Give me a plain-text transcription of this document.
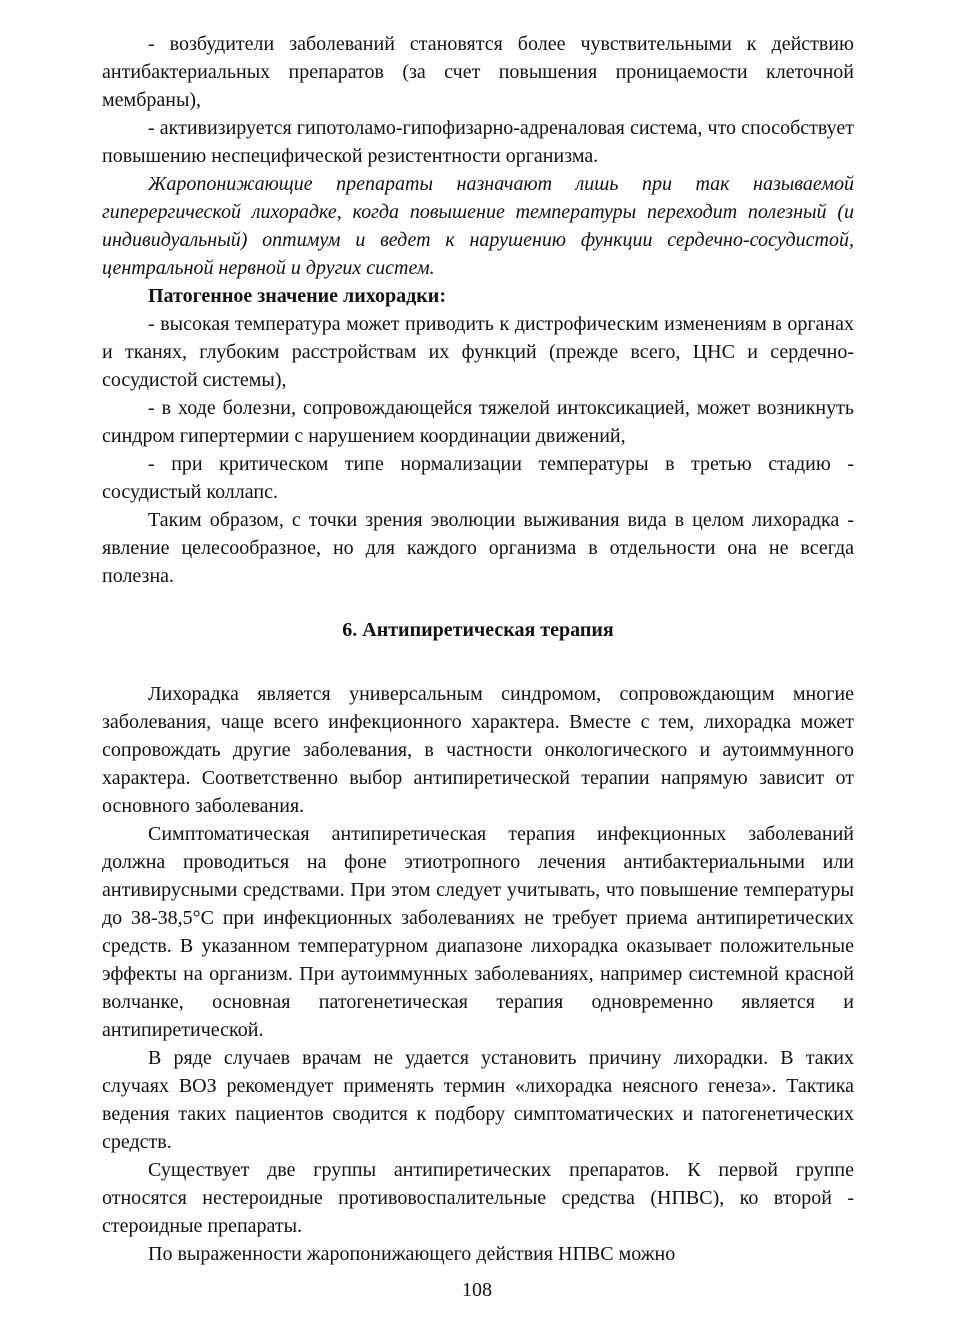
- возбудители заболеваний становятся более чувствительными к действию антибактериальных препаратов (за счет повышения проницаемости клеточной мембраны),

- активизируется гипотоламо-гипофизарно-адреналовая система, что способствует повышению неспецифической резистентности организма.

Жаропонижающие препараты назначают лишь при так называемой гиперергической лихорадке, когда повышение температуры переходит полезный (и индивидуальный) оптимум и ведет к нарушению функции сердечно-сосудистой, центральной нервной и других систем.

Патогенное значение лихорадки:

- высокая температура может приводить к дистрофическим изменениям в органах и тканях, глубоким расстройствам их функций (прежде всего, ЦНС и сердечно-сосудистой системы),

- в ходе болезни, сопровождающейся тяжелой интоксикацией, может возникнуть синдром гипертермии с нарушением координации движений,

- при критическом типе нормализации температуры в третью стадию - сосудистый коллапс.

Таким образом, с точки зрения эволюции выживания вида в целом лихорадка - явление целесообразное, но для каждого организма в отдельности она не всегда полезна.

6. Антипиретическая терапия

Лихорадка является универсальным синдромом, сопровождающим многие заболевания, чаще всего инфекционного характера. Вместе с тем, лихорадка может сопровождать другие заболевания, в частности онкологического и аутоиммунного характера. Соответственно выбор антипиретической терапии напрямую зависит от основного заболевания.

Симптоматическая антипиретическая терапия инфекционных заболеваний должна проводиться на фоне этиотропного лечения антибактериальными или антивирусными средствами. При этом следует учитывать, что повышение температуры до 38-38,5°С при инфекционных заболеваниях не требует приема антипиретических средств. В указанном температурном диапазоне лихорадка оказывает положительные эффекты на организм. При аутоиммунных заболеваниях, например системной красной волчанке, основная патогенетическая терапия одновременно является и антипиретической.

В ряде случаев врачам не удается установить причину лихорадки. В таких случаях ВОЗ рекомендует применять термин «лихорадка неясного генеза». Тактика ведения таких пациентов сводится к подбору симптоматических и патогенетических средств.

Существует две группы антипиретических препаратов. К первой группе относятся нестероидные противовоспалительные средства (НПВС), ко второй - стероидные препараты.

По выраженности жаропонижающего действия НПВС можно

108
